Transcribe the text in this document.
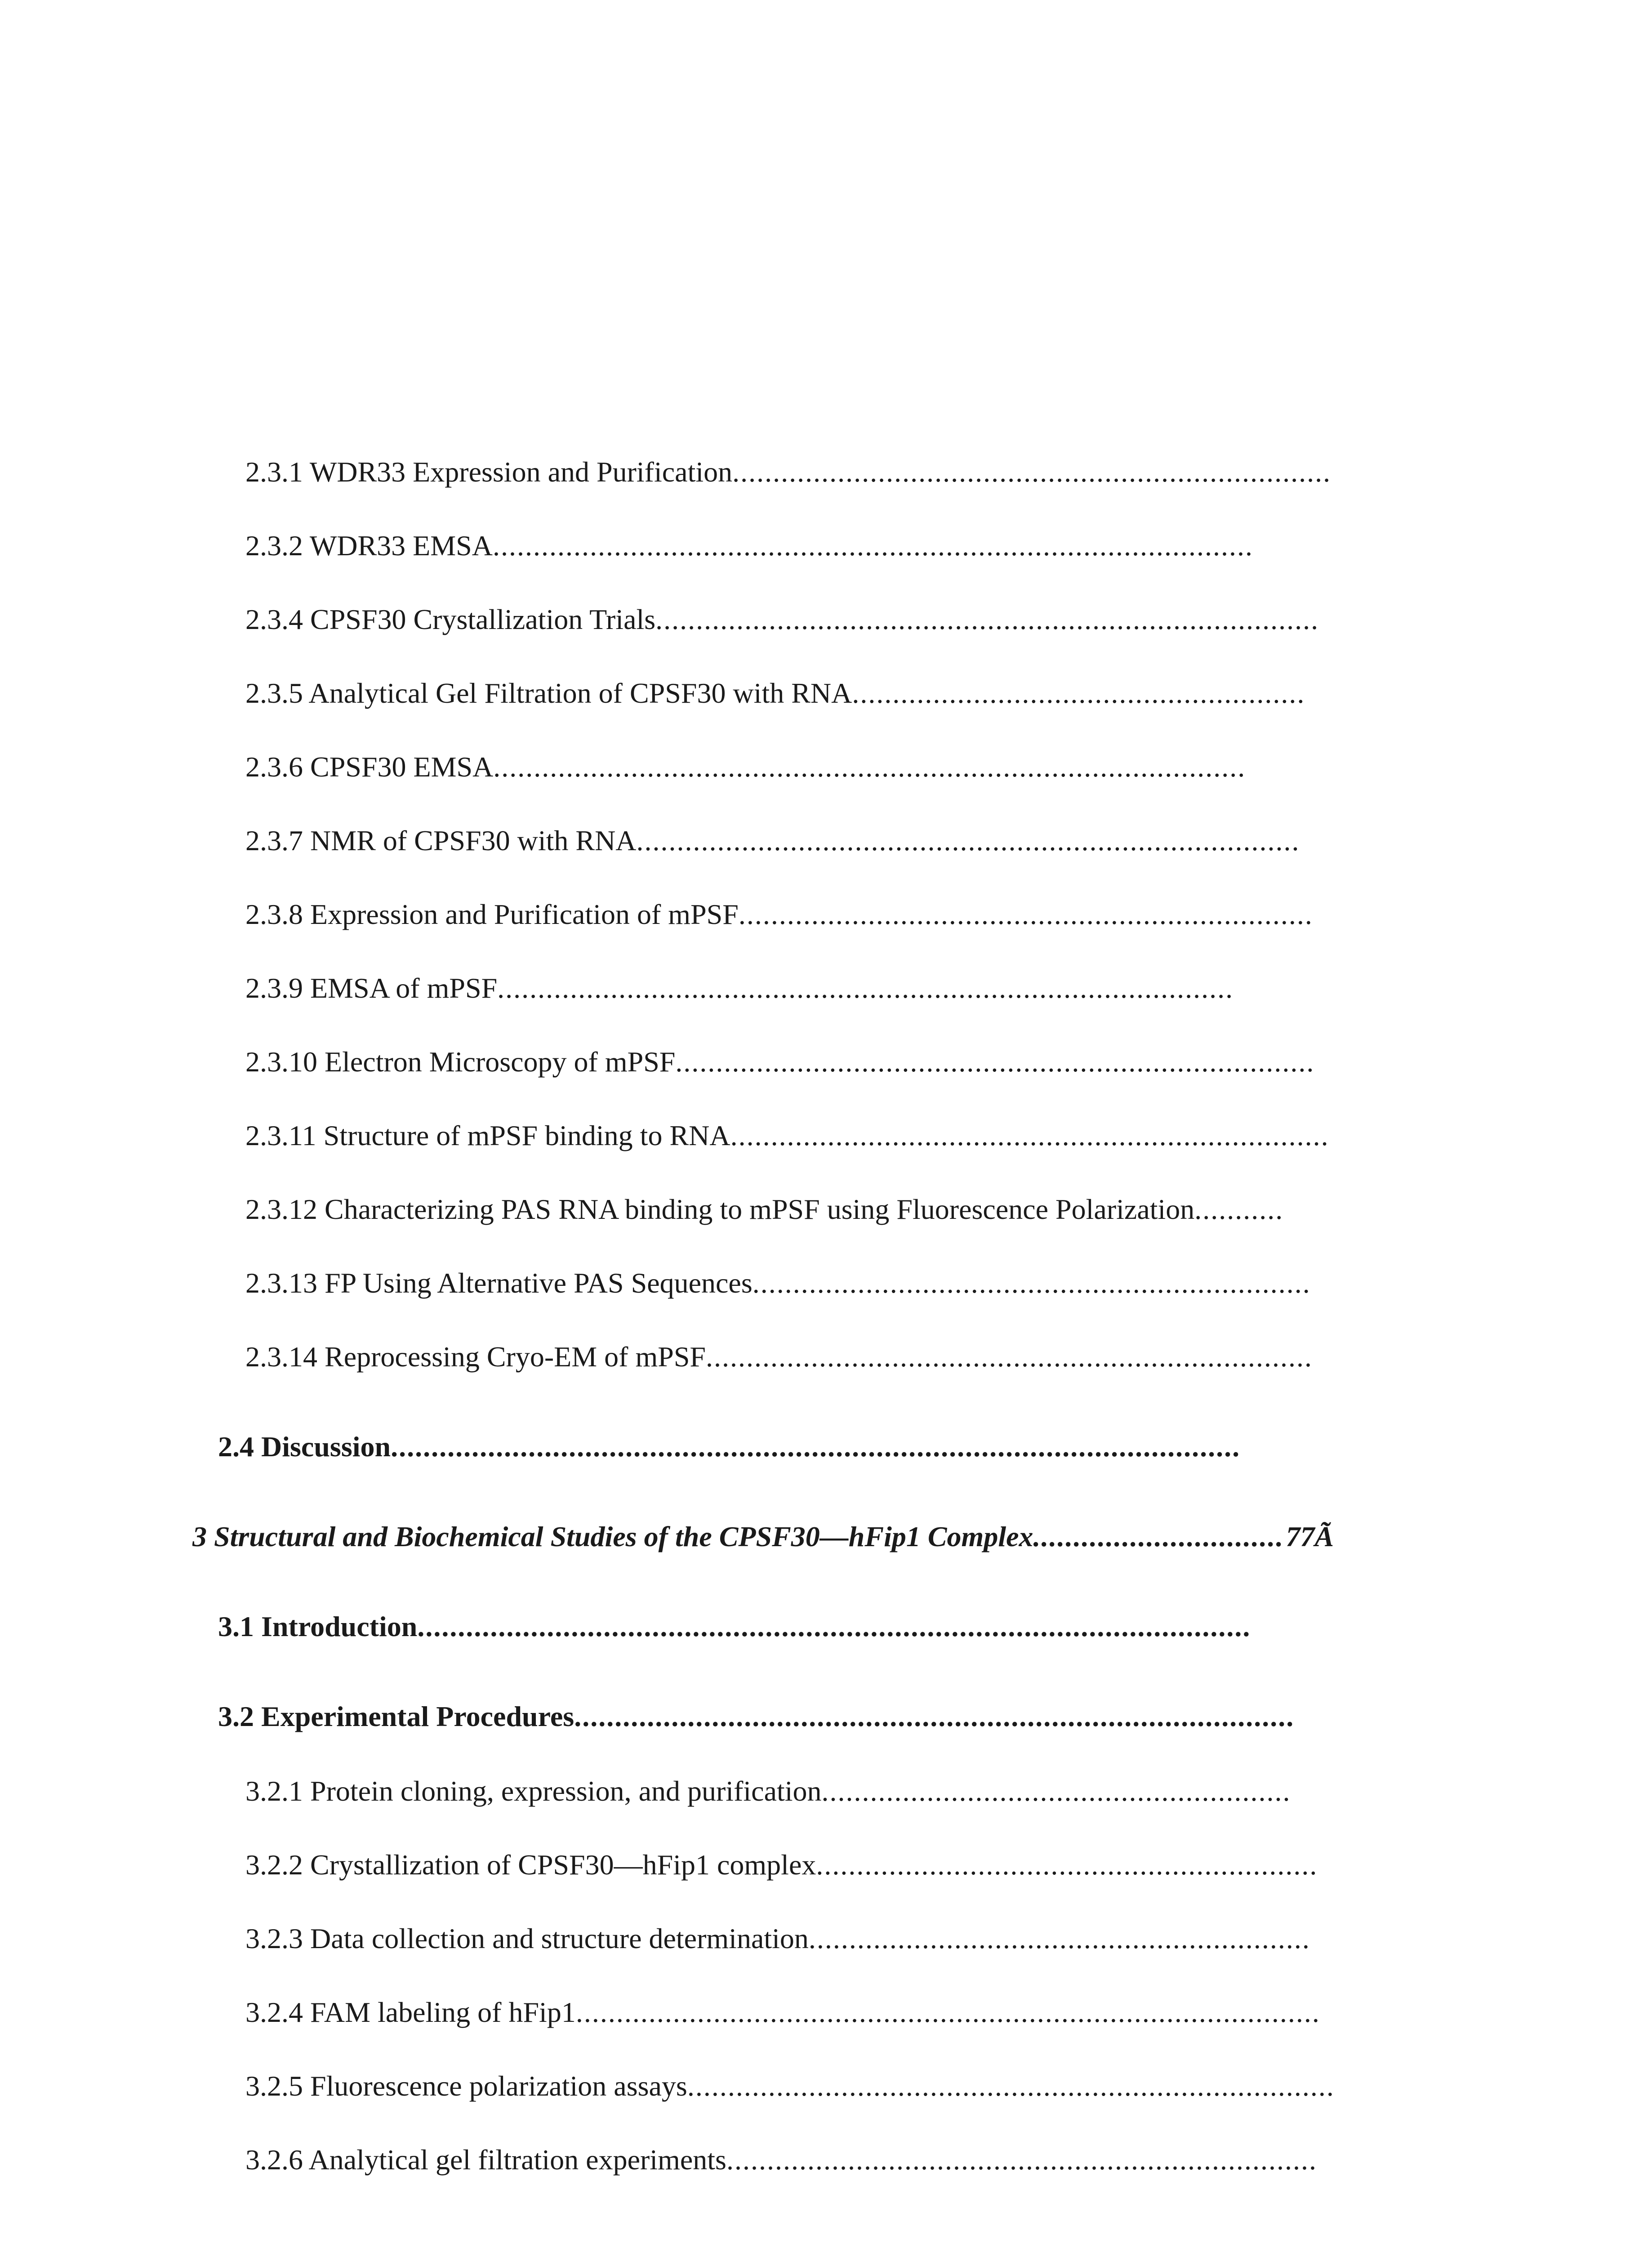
2.3.1 WDR33 Expression and Purification..........................................................................
2.3.2 WDR33 EMSA..............................................................................................
2.3.4 CPSF30 Crystallization Trials..................................................................................
2.3.5 Analytical Gel Filtration of CPSF30 with RNA........................................................
2.3.6 CPSF30 EMSA.............................................................................................
2.3.7 NMR of CPSF30 with RNA..................................................................................
2.3.8 Expression and Purification of mPSF.......................................................................
2.3.9 EMSA of mPSF...........................................................................................
2.3.10 Electron Microscopy of mPSF...............................................................................
2.3.11 Structure of mPSF binding to RNA..........................................................................
2.3.12 Characterizing PAS RNA binding to mPSF using Fluorescence Polarization...........
2.3.13 FP Using Alternative PAS Sequences.....................................................................
2.3.14 Reprocessing Cryo-EM of mPSF...........................................................................
2.4 Discussion.........................................................................................................
3 Structural and Biochemical Studies of the CPSF30—hFip1 Complex...............................77Ã
3.1 Introduction.......................................................................................................
3.2 Experimental Procedures.........................................................................................
3.2.1 Protein cloning, expression, and purification..........................................................
3.2.2 Crystallization of CPSF30—hFip1 complex..............................................................
3.2.3 Data collection and structure determination..............................................................
3.2.4 FAM labeling of hFip1............................................................................................
3.2.5 Fluorescence polarization assays................................................................................
3.2.6 Analytical gel filtration experiments.........................................................................
